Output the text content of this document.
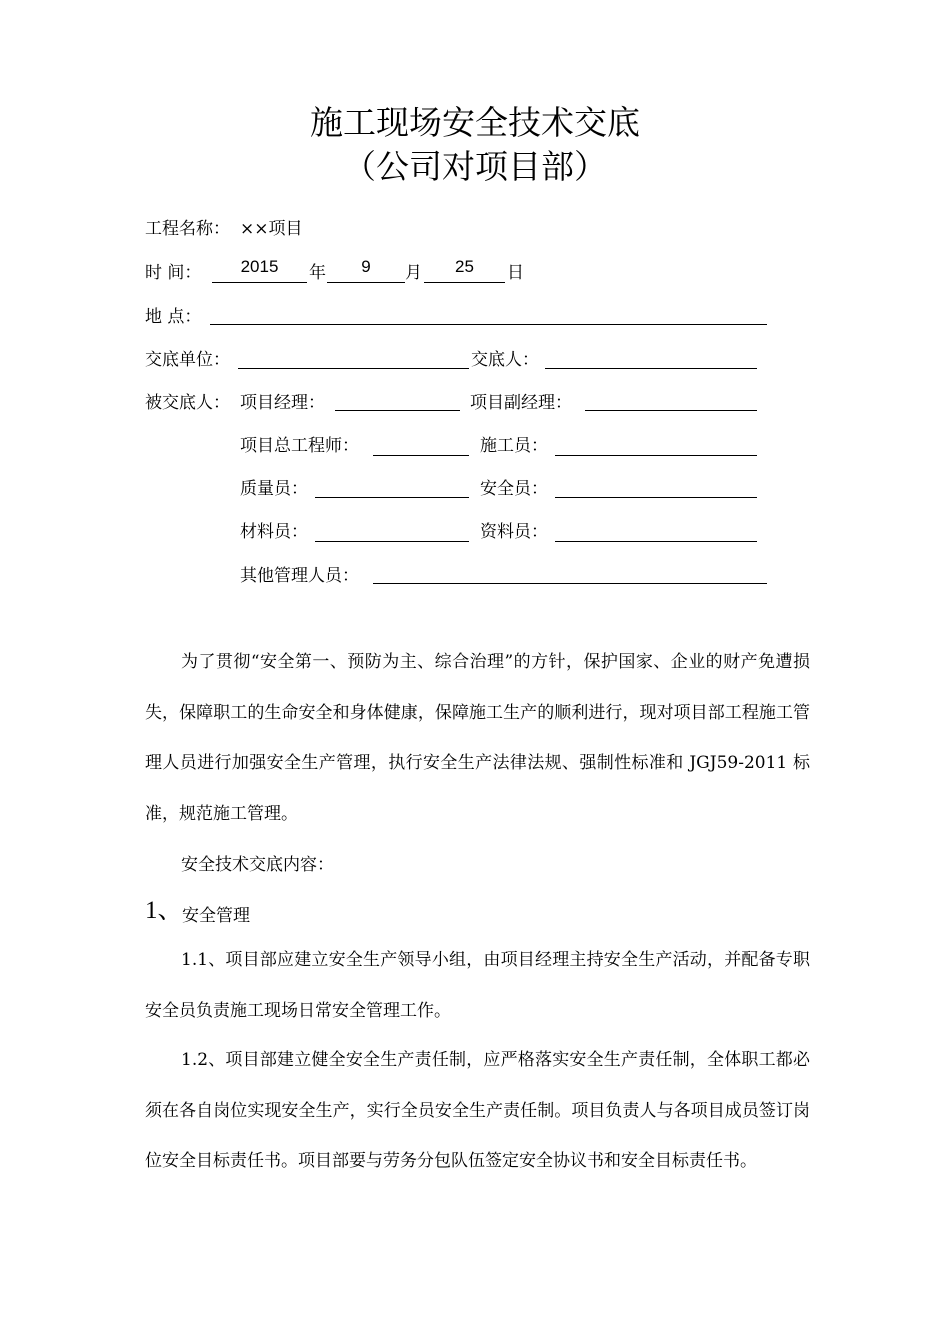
施工现场安全技术交底
（公司对项目部）
工程名称： ××项目
时 间：	2015	年	9	月	25	日
地 点：
交底单位：	交底人：
被交底人： 项目经理：	项目副经理：
项目总工程师：	施工员：
质量员：	安全员：
材料员：	资料员：
其他管理人员：
为了贯彻“安全第一、预防为主、综合治理”的方针，保护国家、企业的财产免遭损失，保障职工的生命安全和身体健康，保障施工生产的顺利进行，现对项目部工程施工管理人员进行加强安全生产管理，执行安全生产法律法规、强制性标准和 JGJ59-2011 标准，规范施工管理。
安全技术交底内容：
1、 安全管理
1.1、项目部应建立安全生产领导小组，由项目经理主持安全生产活动，并配备专职安全员负责施工现场日常安全管理工作。
1.2、项目部建立健全安全生产责任制，应严格落实安全生产责任制，全体职工都必须在各自岗位实现安全生产，实行全员安全生产责任制。项目负责人与各项目成员签订岗位安全目标责任书。项目部要与劳务分包队伍签定安全协议书和安全目标责任书。
